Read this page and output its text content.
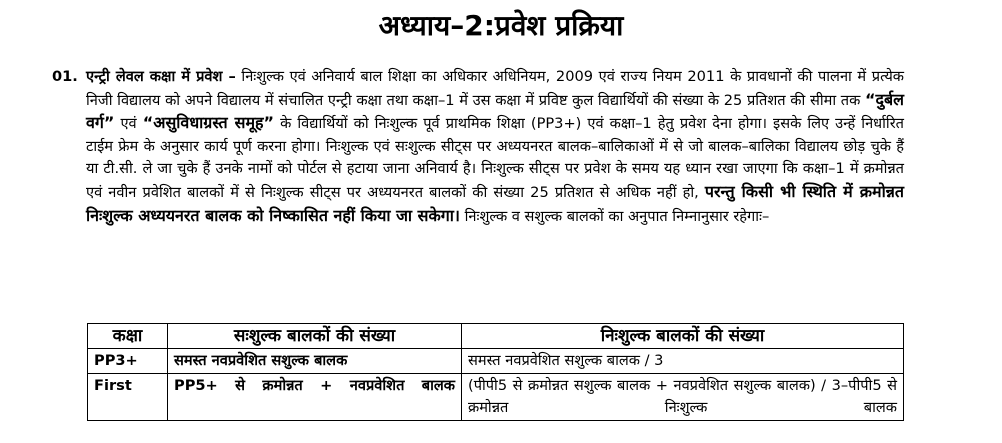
अध्याय–2:प्रवेश प्रक्रिया
01. एन्ट्री लेवल कक्षा में प्रवेश – निःशुल्क एवं अनिवार्य बाल शिक्षा का अधिकार अधिनियम, 2009 एवं राज्य नियम 2011 के प्रावधानों की पालना में प्रत्येक निजी विद्यालय को अपने विद्यालय में संचालित एन्ट्री कक्षा तथा कक्षा–1 में उस कक्षा में प्रविष्ट कुल विद्यार्थियों की संख्या के 25 प्रतिशत की सीमा तक “दुर्बल वर्ग” एवं “असुविधाग्रस्त समूह” के विद्यार्थियों को निःशुल्क पूर्व प्राथमिक शिक्षा (PP3+) एवं कक्षा–1 हेतु प्रवेश देना होगा। इसके लिए उन्हें निर्धारित टाईम फ्रेम के अनुसार कार्य पूर्ण करना होगा। निःशुल्क एवं सःशुल्क सीट्स पर अध्ययनरत बालक–बालिकाओं में से जो बालक–बालिका विद्यालय छोड़ चुके हैं या टी.सी. ले जा चुके हैं उनके नामों को पोर्टल से हटाया जाना अनिवार्य है। निःशुल्क सीट्स पर प्रवेश के समय यह ध्यान रखा जाएगा कि कक्षा–1 में क्रमोन्नत एवं नवीन प्रवेशित बालकों में से निःशुल्क सीट्स पर अध्ययनरत बालकों की संख्या 25 प्रतिशत से अधिक नहीं हो, परन्तु किसी भी स्थिति में क्रमोन्नत निःशुल्क अध्ययनरत बालक को निष्कासित नहीं किया जा सकेगा। निःशुल्क व सशुल्क बालकों का अनुपात निम्नानुसार रहेगाः–
कक्षा	सःशुल्क बालकों की संख्या	निःशुल्क बालकों की संख्या
PP3+	समस्त नवप्रवेशित सशुल्क बालक	समस्त नवप्रवेशित सशुल्क बालक / 3
First	PP5+ से क्रमोन्नत + नवप्रवेशित बालक	(पीपी5 से क्रमोन्नत सशुल्क बालक + नवप्रवेशित सशुल्क बालक) / 3–पीपी5 से क्रमोन्नत निःशुल्क बालक
